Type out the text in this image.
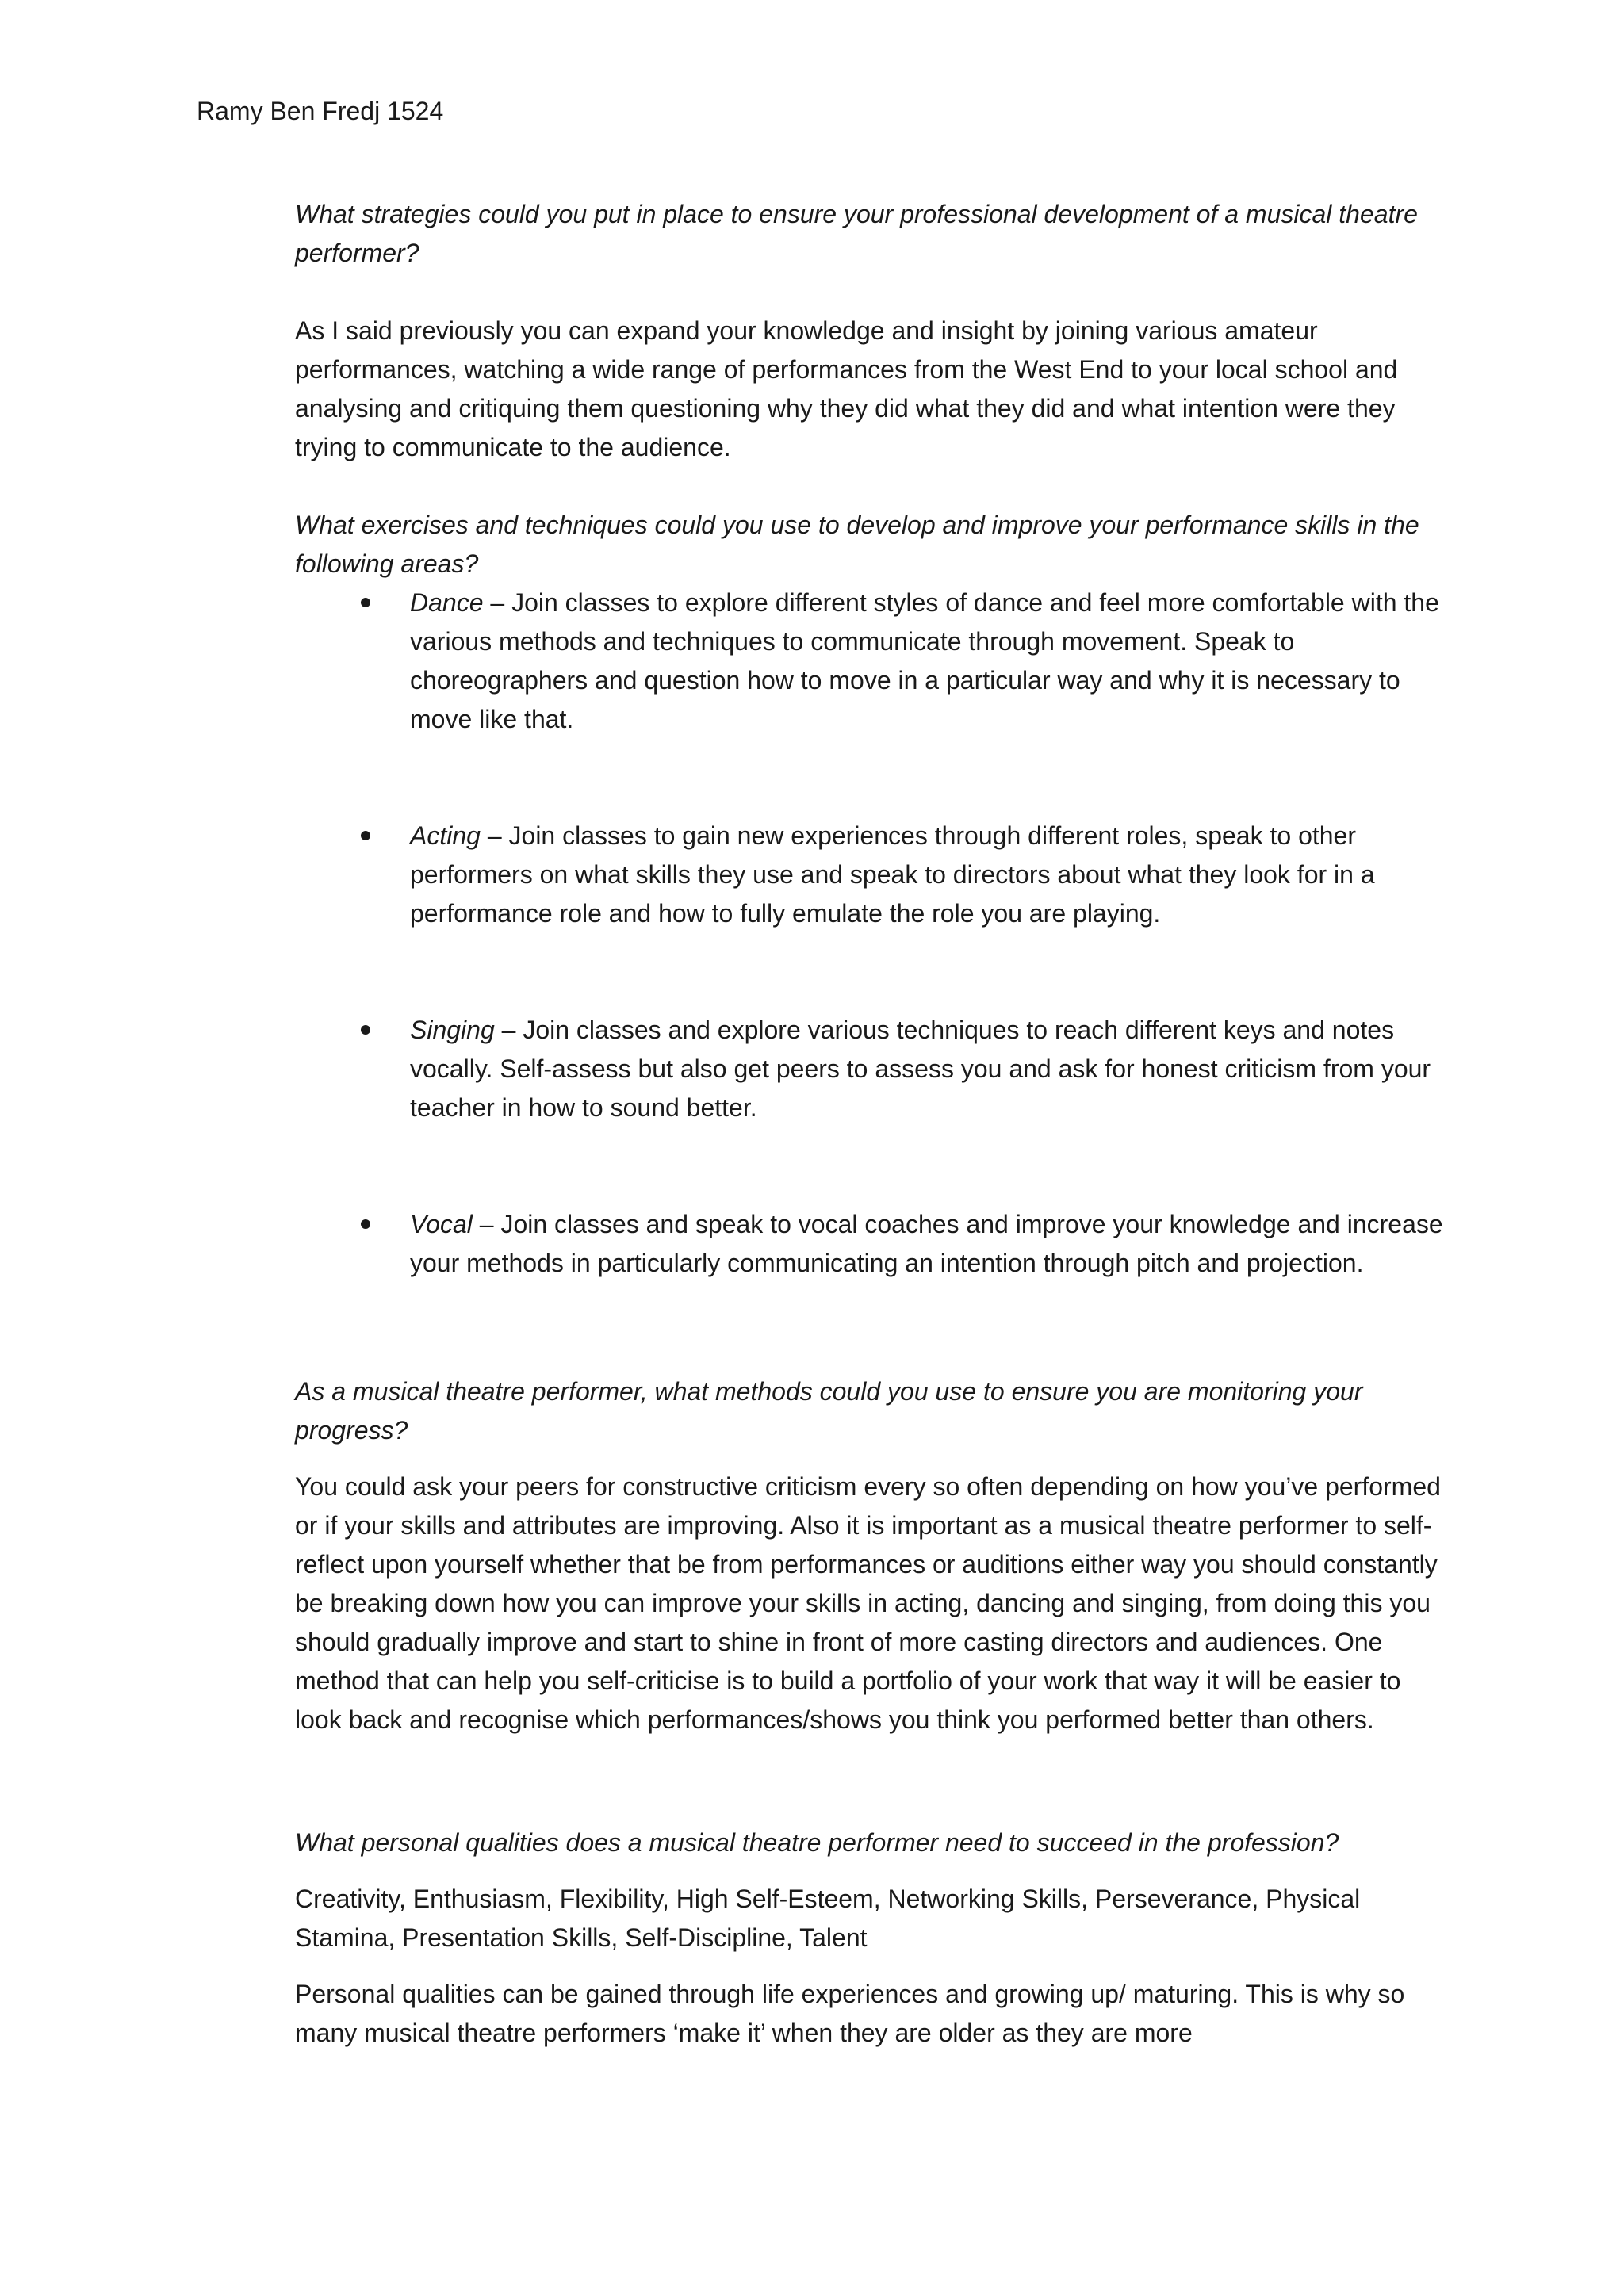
Ramy Ben Fredj 1524

What strategies could you put in place to ensure your professional development of a musical theatre performer?

As I said previously you can expand your knowledge and insight by joining various amateur performances, watching a wide range of performances from the West End to your local school and analysing and critiquing them questioning why they did what they did and what intention were they trying to communicate to the audience.

What exercises and techniques could you use to develop and improve your performance skills in the following areas?

Dance – Join classes to explore different styles of dance and feel more comfortable with the various methods and techniques to communicate through movement. Speak to choreographers and question how to move in a particular way and why it is necessary to move like that.
Acting – Join classes to gain new experiences through different roles, speak to other performers on what skills they use and speak to directors about what they look for in a performance role and how to fully emulate the role you are playing.
Singing – Join classes and explore various techniques to reach different keys and notes vocally. Self-assess but also get peers to assess you and ask for honest criticism from your teacher in how to sound better.
Vocal – Join classes and speak to vocal coaches and improve your knowledge and increase your methods in particularly communicating an intention through pitch and projection.

As a musical theatre performer, what methods could you use to ensure you are monitoring your progress?

You could ask your peers for constructive criticism every so often depending on how you’ve performed or if your skills and attributes are improving. Also it is important as a musical theatre performer to self-reflect upon yourself whether that be from performances or auditions either way you should constantly be breaking down how you can improve your skills in acting, dancing and singing, from doing this you should gradually improve and start to shine in front of more casting directors and audiences. One method that can help you self-criticise is to build a portfolio of your work that way it will be easier to look back and recognise which performances/shows you think you performed better than others.

What personal qualities does a musical theatre performer need to succeed in the profession?

Creativity, Enthusiasm, Flexibility, High Self-Esteem, Networking Skills, Perseverance, Physical Stamina, Presentation Skills, Self-Discipline, Talent

Personal qualities can be gained through life experiences and growing up/ maturing. This is why so many musical theatre performers ‘make it’ when they are older as they are more
